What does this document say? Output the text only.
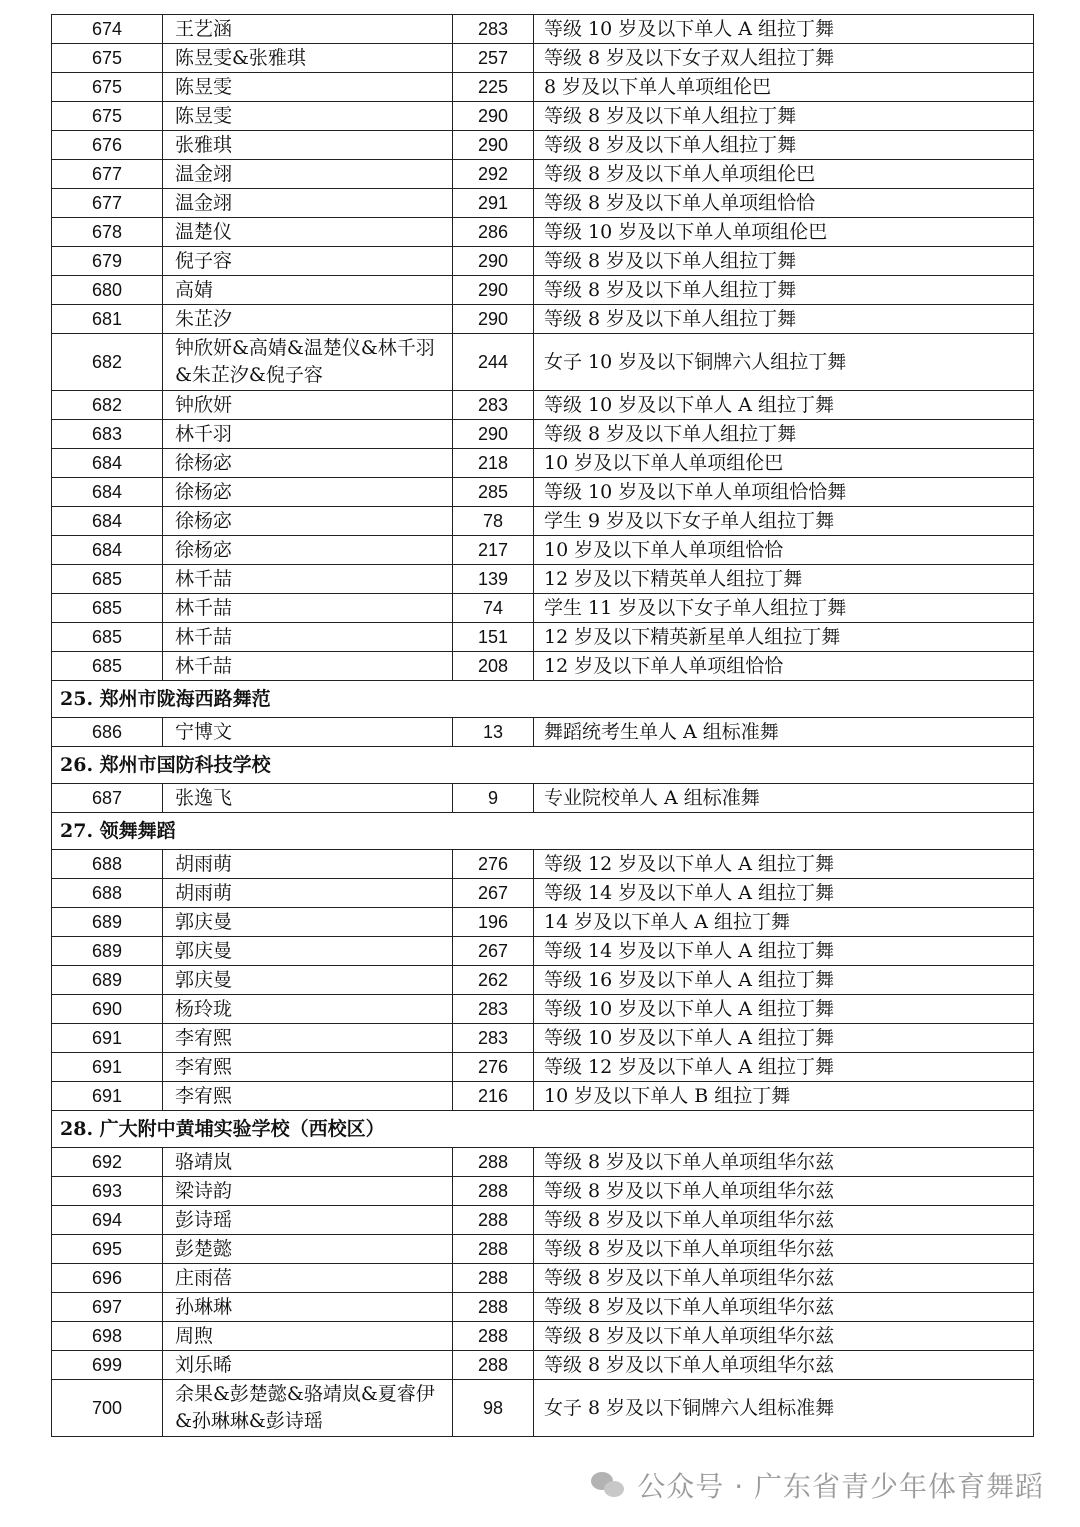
674	王艺涵	283	等级 10 岁及以下单人 A 组拉丁舞
675	陈昱雯&张雅琪	257	等级 8 岁及以下女子双人组拉丁舞
675	陈昱雯	225	8 岁及以下单人单项组伦巴
675	陈昱雯	290	等级 8 岁及以下单人组拉丁舞
676	张雅琪	290	等级 8 岁及以下单人组拉丁舞
677	温金翊	292	等级 8 岁及以下单人单项组伦巴
677	温金翊	291	等级 8 岁及以下单人单项组恰恰
678	温楚仪	286	等级 10 岁及以下单人单项组伦巴
679	倪子容	290	等级 8 岁及以下单人组拉丁舞
680	高婧	290	等级 8 岁及以下单人组拉丁舞
681	朱芷汐	290	等级 8 岁及以下单人组拉丁舞
682	钟欣妍&高婧&温楚仪&林千羽
&朱芷汐&倪子容	244	女子 10 岁及以下铜牌六人组拉丁舞
682	钟欣妍	283	等级 10 岁及以下单人 A 组拉丁舞
683	林千羽	290	等级 8 岁及以下单人组拉丁舞
684	徐杨宓	218	10 岁及以下单人单项组伦巴
684	徐杨宓	285	等级 10 岁及以下单人单项组恰恰舞
684	徐杨宓	78	学生 9 岁及以下女子单人组拉丁舞
684	徐杨宓	217	10 岁及以下单人单项组恰恰
685	林千喆	139	12 岁及以下精英单人组拉丁舞
685	林千喆	74	学生 11 岁及以下女子单人组拉丁舞
685	林千喆	151	12 岁及以下精英新星单人组拉丁舞
685	林千喆	208	12 岁及以下单人单项组恰恰
25. 郑州市陇海西路舞范			
686	宁博文	13	舞蹈统考生单人 A 组标准舞
26. 郑州市国防科技学校			
687	张逸飞	9	专业院校单人 A 组标准舞
27. 领舞舞蹈			
688	胡雨萌	276	等级 12 岁及以下单人 A 组拉丁舞
688	胡雨萌	267	等级 14 岁及以下单人 A 组拉丁舞
689	郭庆曼	196	14 岁及以下单人 A 组拉丁舞
689	郭庆曼	267	等级 14 岁及以下单人 A 组拉丁舞
689	郭庆曼	262	等级 16 岁及以下单人 A 组拉丁舞
690	杨玲珑	283	等级 10 岁及以下单人 A 组拉丁舞
691	李宥熙	283	等级 10 岁及以下单人 A 组拉丁舞
691	李宥熙	276	等级 12 岁及以下单人 A 组拉丁舞
691	李宥熙	216	10 岁及以下单人 B 组拉丁舞
28. 广大附中黄埔实验学校（西校区）			
692	骆靖岚	288	等级 8 岁及以下单人单项组华尔兹
693	梁诗韵	288	等级 8 岁及以下单人单项组华尔兹
694	彭诗瑶	288	等级 8 岁及以下单人单项组华尔兹
695	彭楚懿	288	等级 8 岁及以下单人单项组华尔兹
696	庄雨蓓	288	等级 8 岁及以下单人单项组华尔兹
697	孙琳琳	288	等级 8 岁及以下单人单项组华尔兹
698	周煦	288	等级 8 岁及以下单人单项组华尔兹
699	刘乐晞	288	等级 8 岁及以下单人单项组华尔兹
700	余果&彭楚懿&骆靖岚&夏睿伊
&孙琳琳&彭诗瑶	98	女子 8 岁及以下铜牌六人组标准舞
公众号 · 广东省青少年体育舞蹈
